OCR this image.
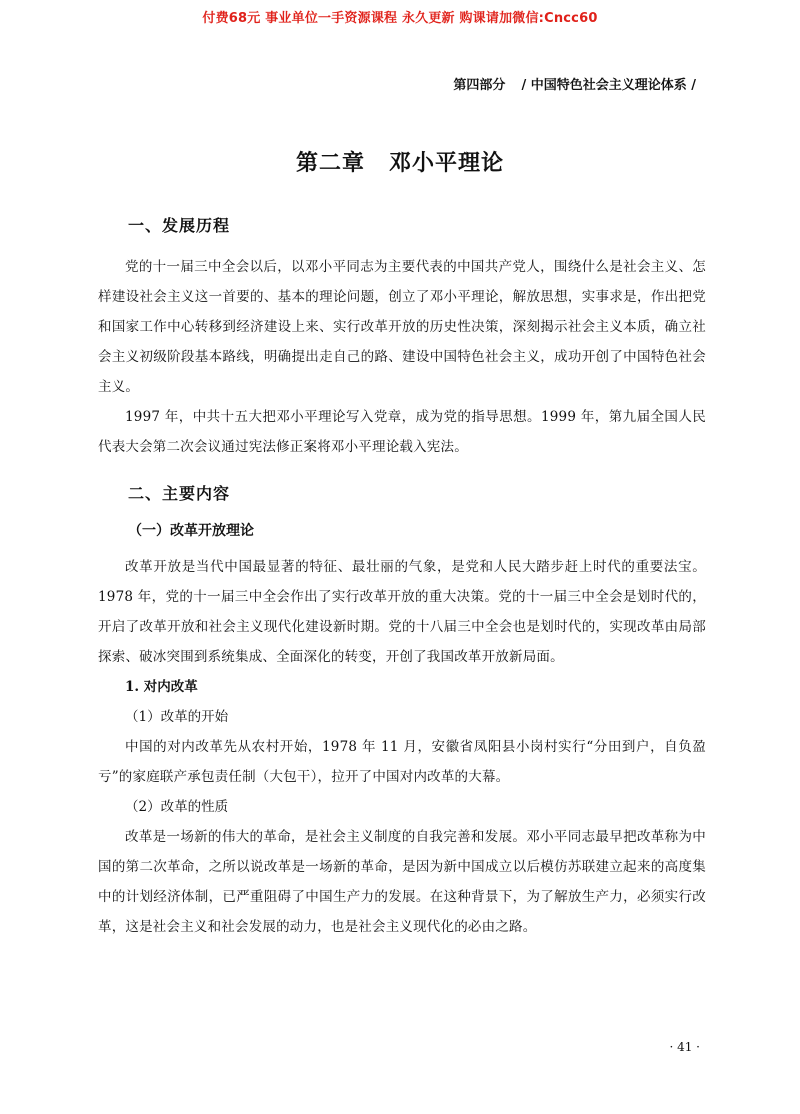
付费68元 事业单位一手资源课程 永久更新 购课请加微信:Cncc60
第四部分 / 中国特色社会主义理论体系 /
第二章 邓小平理论
一、发展历程

党的十一届三中全会以后，以邓小平同志为主要代表的中国共产党人，围绕什么是社会主义、怎样建设社会主义这一首要的、基本的理论问题，创立了邓小平理论，解放思想，实事求是，作出把党和国家工作中心转移到经济建设上来、实行改革开放的历史性决策，深刻揭示社会主义本质，确立社会主义初级阶段基本路线，明确提出走自己的路、建设中国特色社会主义，成功开创了中国特色社会主义。

1997 年，中共十五大把邓小平理论写入党章，成为党的指导思想。1999 年，第九届全国人民代表大会第二次会议通过宪法修正案将邓小平理论载入宪法。

二、主要内容
（一）改革开放理论

改革开放是当代中国最显著的特征、最壮丽的气象，是党和人民大踏步赶上时代的重要法宝。1978 年，党的十一届三中全会作出了实行改革开放的重大决策。党的十一届三中全会是划时代的，开启了改革开放和社会主义现代化建设新时期。党的十八届三中全会也是划时代的，实现改革由局部探索、破冰突围到系统集成、全面深化的转变，开创了我国改革开放新局面。

1. 对内改革
（1）改革的开始

中国的对内改革先从农村开始，1978 年 11 月，安徽省凤阳县小岗村实行“分田到户，自负盈亏”的家庭联产承包责任制（大包干），拉开了中国对内改革的大幕。

（2）改革的性质

改革是一场新的伟大的革命，是社会主义制度的自我完善和发展。邓小平同志最早把改革称为中国的第二次革命，之所以说改革是一场新的革命，是因为新中国成立以后模仿苏联建立起来的高度集中的计划经济体制，已严重阻碍了中国生产力的发展。在这种背景下，为了解放生产力，必须实行改革，这是社会主义和社会发展的动力，也是社会主义现代化的必由之路。

· 41 ·
